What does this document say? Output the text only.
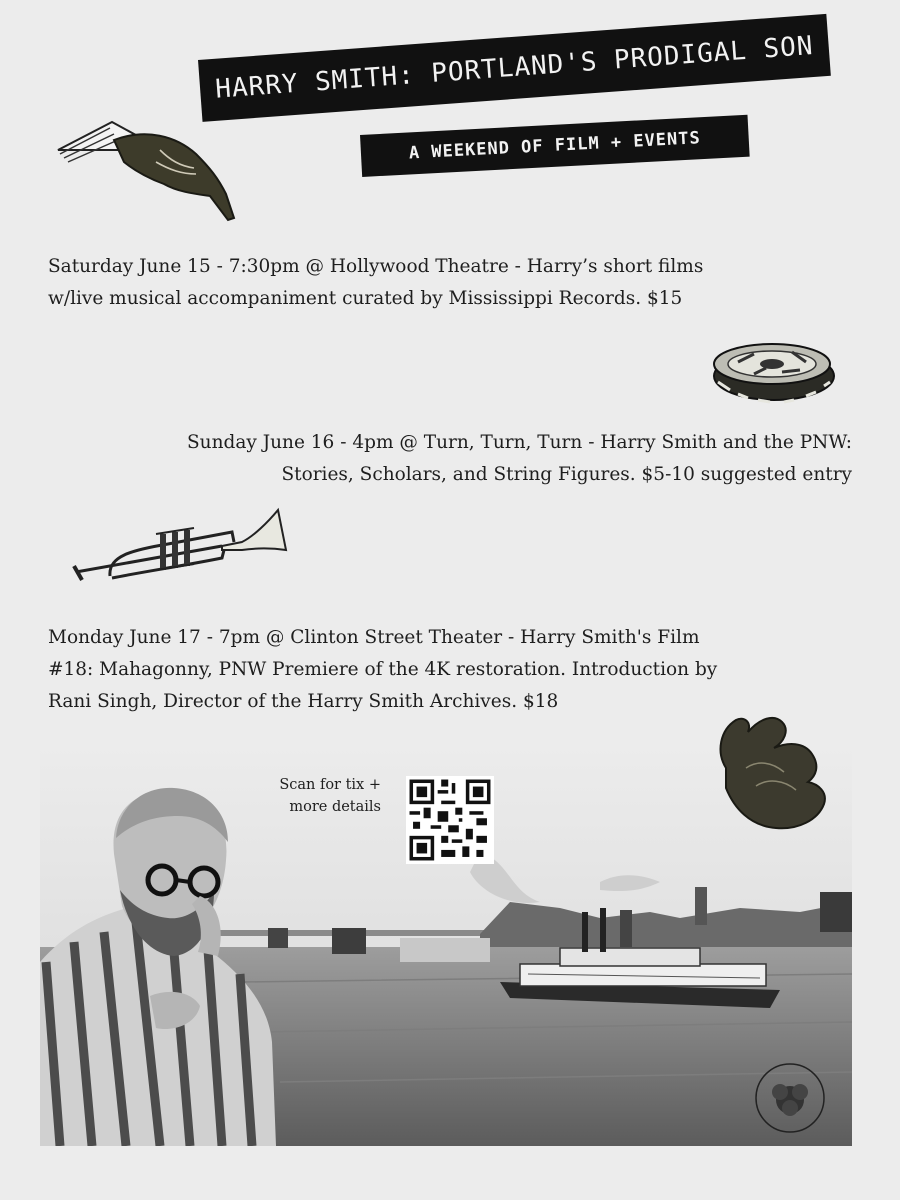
HARRY SMITH: PORTLAND'S PRODIGAL SON
A WEEKEND OF FILM + EVENTS
Saturday June 15 - 7:30pm @ Hollywood Theatre - Harry’s short films
w/live musical accompaniment curated by Mississippi Records. $15
Sunday June 16 - 4pm @ Turn, Turn, Turn - Harry Smith and the PNW:
Stories, Scholars, and String Figures. $5-10 suggested entry
Monday June 17 - 7pm @ Clinton Street Theater - Harry Smith's Film
#18: Mahagonny, PNW Premiere of the 4K restoration. Introduction by
Rani Singh, Director of the Harry Smith Archives. $18
Scan for tix +
more details
